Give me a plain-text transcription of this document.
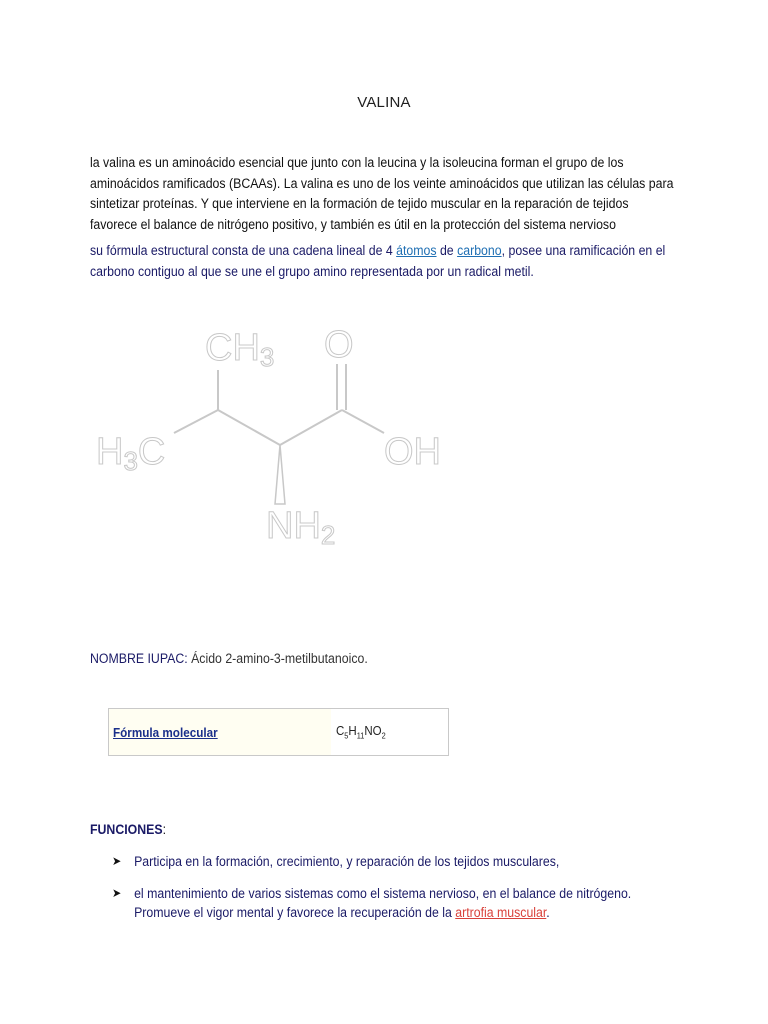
VALINA
la valina es un aminoácido esencial que junto con la leucina y la isoleucina forman el grupo de los
aminoácidos ramificados (BCAAs). La valina es uno de los veinte aminoácidos que utilizan las células para
sintetizar proteínas. Y que interviene en la formación de tejido muscular en la reparación de tejidos
favorece el balance de nitrógeno positivo, y también es útil en la protección del sistema nervioso
su fórmula estructural consta de una cadena lineal de 4 átomos de carbono, posee una ramificación en el
carbono contiguo al que se une el grupo amino representada por un radical metil.
CH3 O
H3C	OH
NH2
NOMBRE IUPAC: Ácido 2-amino-3-metilbutanoico.
Fórmula molecular	$C_5H_{11}NO_2$
FUNCIONES:
➤ Participa en la formación, crecimiento, y reparación de los tejidos musculares,
➤ el mantenimiento de varios sistemas como el sistema nervioso, en el balance de nitrógeno.
Promueve el vigor mental y favorece la recuperación de la artrofia muscular.
